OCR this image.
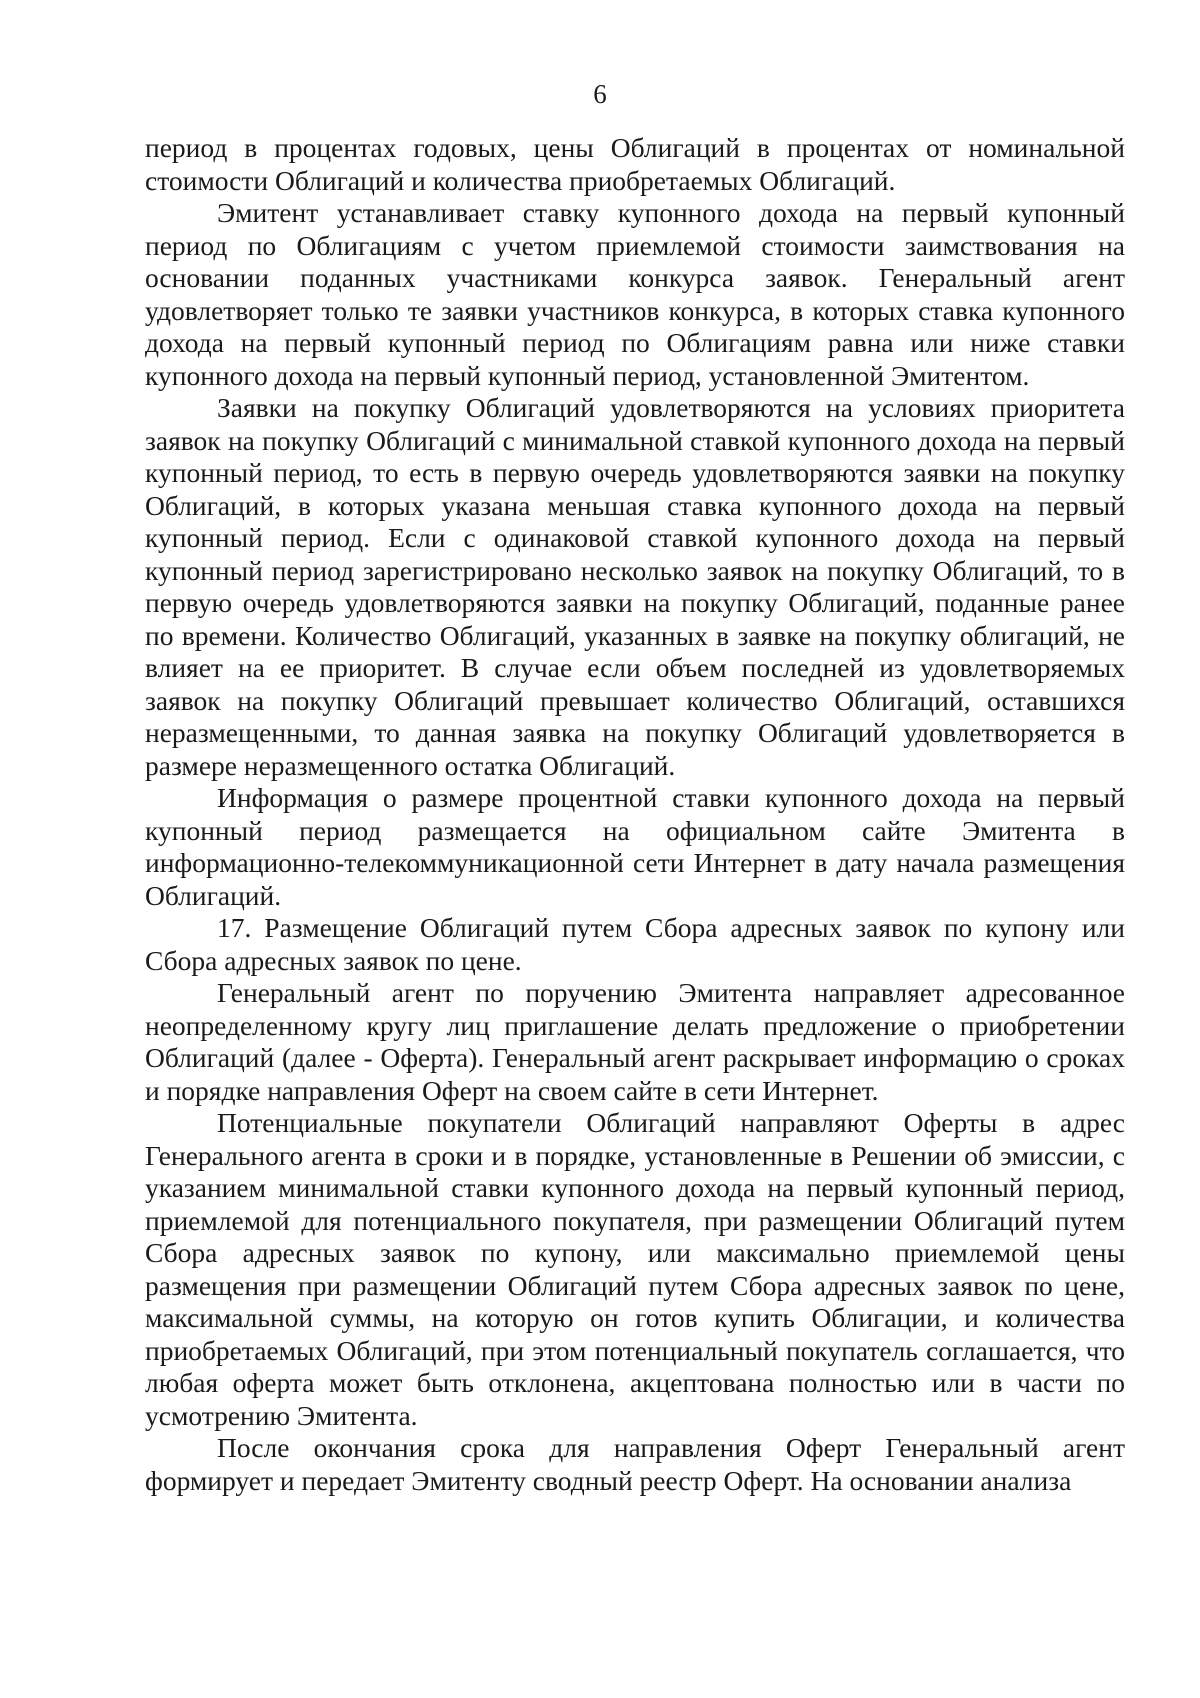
6

период в процентах годовых, цены Облигаций в процентах от номинальной стоимости Облигаций и количества приобретаемых Облигаций.

Эмитент устанавливает ставку купонного дохода на первый купонный период по Облигациям с учетом приемлемой стоимости заимствования на основании поданных участниками конкурса заявок. Генеральный агент удовлетворяет только те заявки участников конкурса, в которых ставка купонного дохода на первый купонный период по Облигациям равна или ниже ставки купонного дохода на первый купонный период, установленной Эмитентом.

Заявки на покупку Облигаций удовлетворяются на условиях приоритета заявок на покупку Облигаций с минимальной ставкой купонного дохода на первый купонный период, то есть в первую очередь удовлетворяются заявки на покупку Облигаций, в которых указана меньшая ставка купонного дохода на первый купонный период. Если с одинаковой ставкой купонного дохода на первый купонный период зарегистрировано несколько заявок на покупку Облигаций, то в первую очередь удовлетворяются заявки на покупку Облигаций, поданные ранее по времени. Количество Облигаций, указанных в заявке на покупку облигаций, не влияет на ее приоритет. В случае если объем последней из удовлетворяемых заявок на покупку Облигаций превышает количество Облигаций, оставшихся неразмещенными, то данная заявка на покупку Облигаций удовлетворяется в размере неразмещенного остатка Облигаций.

Информация о размере процентной ставки купонного дохода на первый купонный период размещается на официальном сайте Эмитента в информационно-телекоммуникационной сети Интернет в дату начала размещения Облигаций.

17. Размещение Облигаций путем Сбора адресных заявок по купону или Сбора адресных заявок по цене.

Генеральный агент по поручению Эмитента направляет адресованное неопределенному кругу лиц приглашение делать предложение о приобретении Облигаций (далее - Оферта). Генеральный агент раскрывает информацию о сроках и порядке направления Оферт на своем сайте в сети Интернет.

Потенциальные покупатели Облигаций направляют Оферты в адрес Генерального агента в сроки и в порядке, установленные в Решении об эмиссии, с указанием минимальной ставки купонного дохода на первый купонный период, приемлемой для потенциального покупателя, при размещении Облигаций путем Сбора адресных заявок по купону, или максимально приемлемой цены размещения при размещении Облигаций путем Сбора адресных заявок по цене, максимальной суммы, на которую он готов купить Облигации, и количества приобретаемых Облигаций, при этом потенциальный покупатель соглашается, что любая оферта может быть отклонена, акцептована полностью или в части по усмотрению Эмитента.

После окончания срока для направления Оферт Генеральный агент формирует и передает Эмитенту сводный реестр Оферт. На основании анализа
